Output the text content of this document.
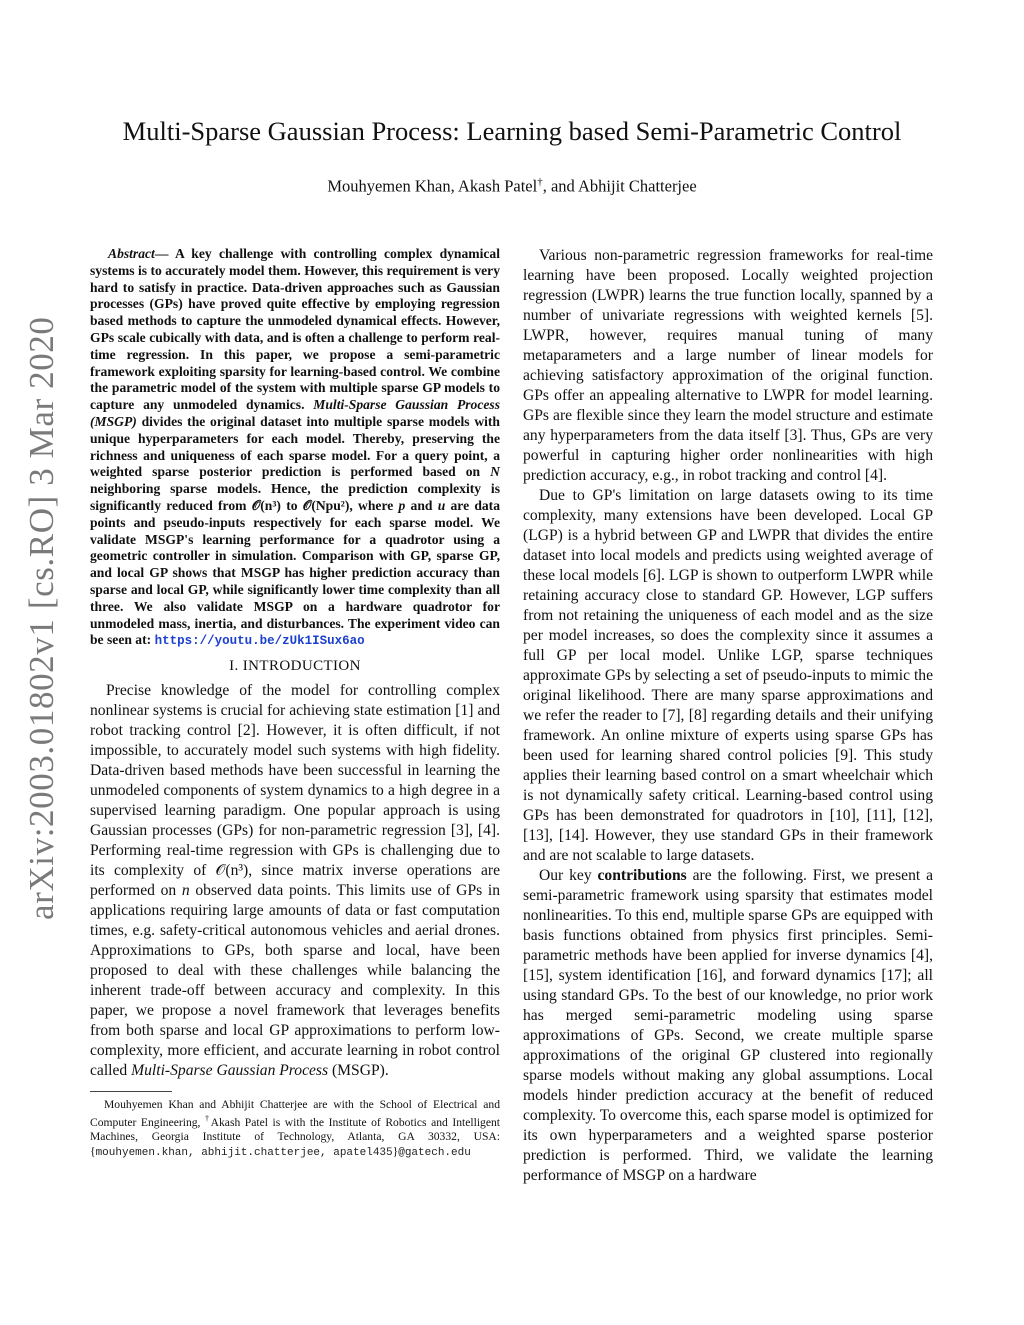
arXiv:2003.01802v1 [cs.RO] 3 Mar 2020
Multi-Sparse Gaussian Process: Learning based Semi-Parametric Control
Mouhyemen Khan, Akash Patel†, and Abhijit Chatterjee

Abstract— A key challenge with controlling complex dynamical systems is to accurately model them. However, this requirement is very hard to satisfy in practice. Data-driven approaches such as Gaussian processes (GPs) have proved quite effective by employing regression based methods to capture the unmodeled dynamical effects. However, GPs scale cubically with data, and is often a challenge to perform real-time regression. In this paper, we propose a semi-parametric framework exploiting sparsity for learning-based control. We combine the parametric model of the system with multiple sparse GP models to capture any unmodeled dynamics. Multi-Sparse Gaussian Process (MSGP) divides the original dataset into multiple sparse models with unique hyperparameters for each model. Thereby, preserving the richness and uniqueness of each sparse model. For a query point, a weighted sparse posterior prediction is performed based on N neighboring sparse models. Hence, the prediction complexity is significantly reduced from 𝒪(n³) to 𝒪(Npu²), where p and u are data points and pseudo-inputs respectively for each sparse model. We validate MSGP's learning performance for a quadrotor using a geometric controller in simulation. Comparison with GP, sparse GP, and local GP shows that MSGP has higher prediction accuracy than sparse and local GP, while significantly lower time complexity than all three. We also validate MSGP on a hardware quadrotor for unmodeled mass, inertia, and disturbances. The experiment video can be seen at: https://youtu.be/zUk1ISux6ao

I. INTRODUCTION

Precise knowledge of the model for controlling complex nonlinear systems is crucial for achieving state estimation [1] and robot tracking control [2]. However, it is often difficult, if not impossible, to accurately model such systems with high fidelity. Data-driven based methods have been successful in learning the unmodeled components of system dynamics to a high degree in a supervised learning paradigm. One popular approach is using Gaussian processes (GPs) for non-parametric regression [3], [4]. Performing real-time regression with GPs is challenging due to its complexity of 𝒪(n³), since matrix inverse operations are performed on n observed data points. This limits use of GPs in applications requiring large amounts of data or fast computation times, e.g. safety-critical autonomous vehicles and aerial drones. Approximations to GPs, both sparse and local, have been proposed to deal with these challenges while balancing the inherent trade-off between accuracy and complexity. In this paper, we propose a novel framework that leverages benefits from both sparse and local GP approximations to perform low-complexity, more efficient, and accurate learning in robot control called Multi-Sparse Gaussian Process (MSGP).

Mouhyemen Khan and Abhijit Chatterjee are with the School of Electrical and Computer Engineering, †Akash Patel is with the Institute of Robotics and Intelligent Machines, Georgia Institute of Technology, Atlanta, GA 30332, USA: {mouhyemen.khan, abhijit.chatterjee, apatel435}@gatech.edu

Various non-parametric regression frameworks for real-time learning have been proposed. Locally weighted projection regression (LWPR) learns the true function locally, spanned by a number of univariate regressions with weighted kernels [5]. LWPR, however, requires manual tuning of many metaparameters and a large number of linear models for achieving satisfactory approximation of the original function. GPs offer an appealing alternative to LWPR for model learning. GPs are flexible since they learn the model structure and estimate any hyperparameters from the data itself [3]. Thus, GPs are very powerful in capturing higher order nonlinearities with high prediction accuracy, e.g., in robot tracking and control [4].

Due to GP's limitation on large datasets owing to its time complexity, many extensions have been developed. Local GP (LGP) is a hybrid between GP and LWPR that divides the entire dataset into local models and predicts using weighted average of these local models [6]. LGP is shown to outperform LWPR while retaining accuracy close to standard GP. However, LGP suffers from not retaining the uniqueness of each model and as the size per model increases, so does the complexity since it assumes a full GP per local model. Unlike LGP, sparse techniques approximate GPs by selecting a set of pseudo-inputs to mimic the original likelihood. There are many sparse approximations and we refer the reader to [7], [8] regarding details and their unifying framework. An online mixture of experts using sparse GPs has been used for learning shared control policies [9]. This study applies their learning based control on a smart wheelchair which is not dynamically safety critical. Learning-based control using GPs has been demonstrated for quadrotors in [10], [11], [12], [13], [14]. However, they use standard GPs in their framework and are not scalable to large datasets.

Our key contributions are the following. First, we present a semi-parametric framework using sparsity that estimates model nonlinearities. To this end, multiple sparse GPs are equipped with basis functions obtained from physics first principles. Semi-parametric methods have been applied for inverse dynamics [4], [15], system identification [16], and forward dynamics [17]; all using standard GPs. To the best of our knowledge, no prior work has merged semi-parametric modeling using sparse approximations of GPs. Second, we create multiple sparse approximations of the original GP clustered into regionally sparse models without making any global assumptions. Local models hinder prediction accuracy at the benefit of reduced complexity. To overcome this, each sparse model is optimized for its own hyperparameters and a weighted sparse posterior prediction is performed. Third, we validate the learning performance of MSGP on a hardware
